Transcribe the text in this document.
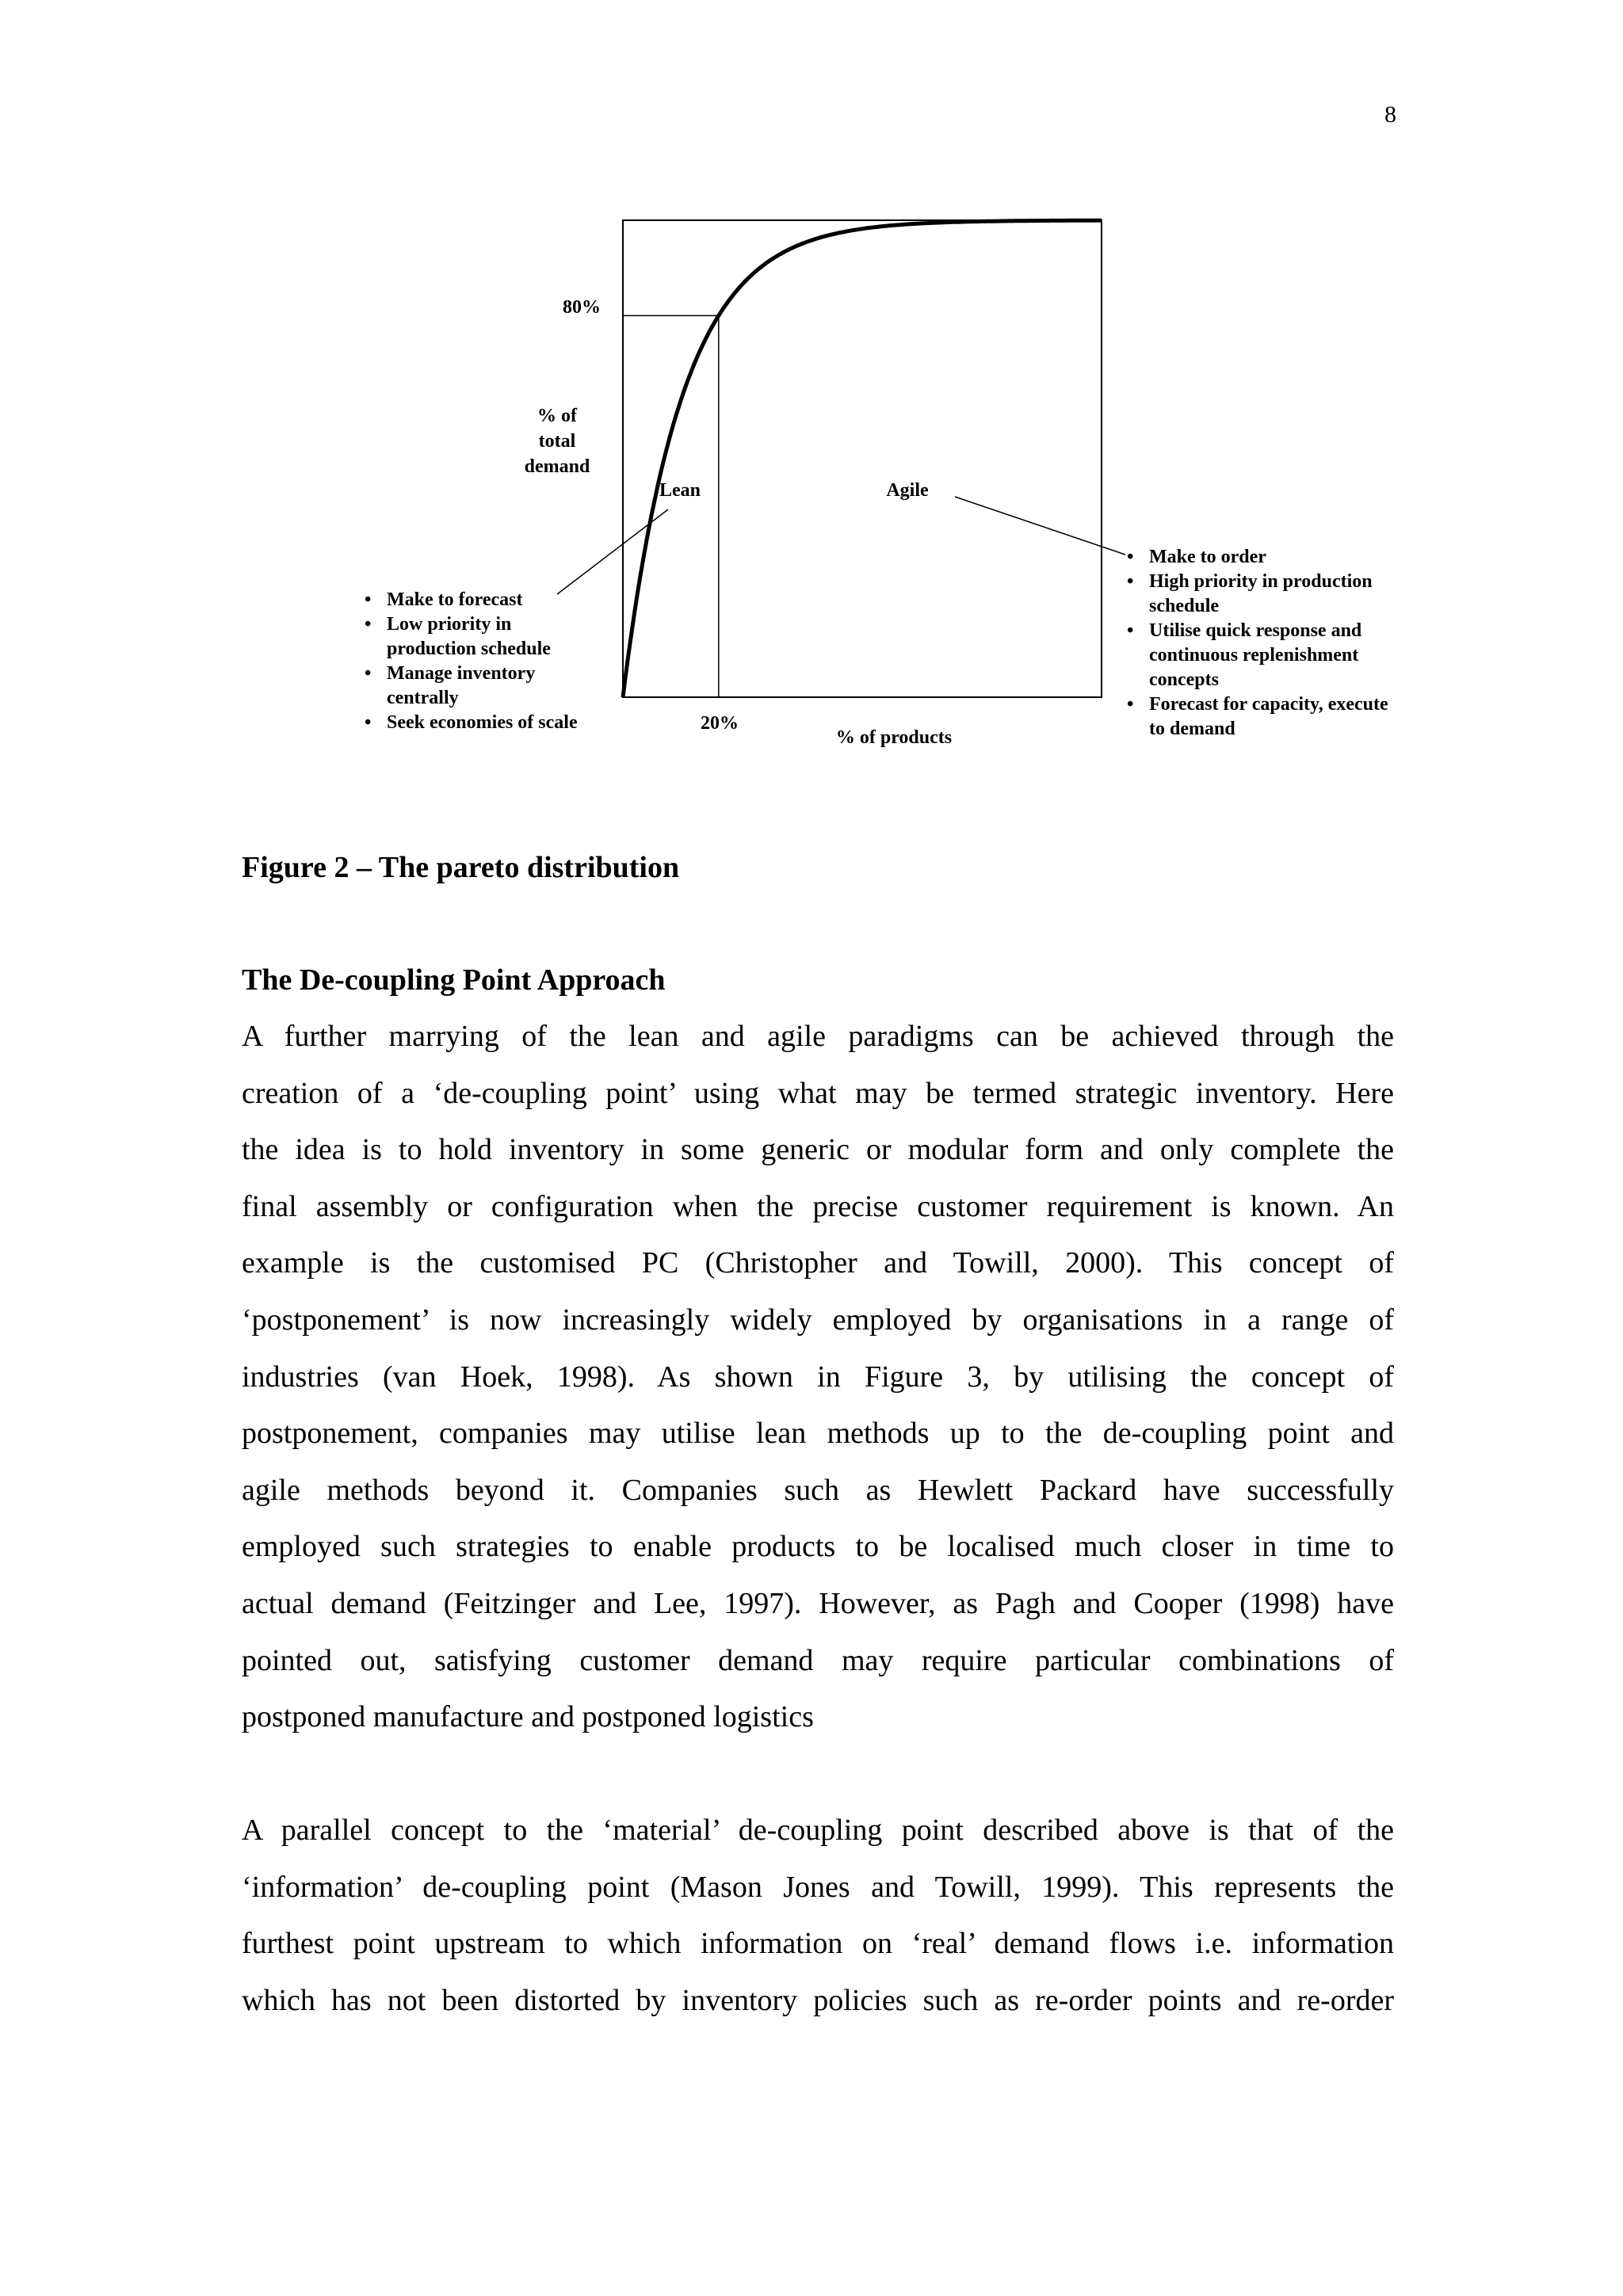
8
80%
% of
total
demand
Lean	Agile
20%
% of products
• Make to forecast
• Low priority in production schedule
• Manage inventory centrally
• Seek economies of scale
• Make to order
• High priority in production schedule
• Utilise quick response and continuous replenishment concepts
• Forecast for capacity, execute to demand

Figure 2 – The pareto distribution

The De-coupling Point Approach
A further marrying of the lean and agile paradigms can be achieved through the
creation of a ‘de-coupling point’ using what may be termed strategic inventory. Here
the idea is to hold inventory in some generic or modular form and only complete the
final assembly or configuration when the precise customer requirement is known. An
example is the customised PC (Christopher and Towill, 2000). This concept of
‘postponement’ is now increasingly widely employed by organisations in a range of
industries (van Hoek, 1998). As shown in Figure 3, by utilising the concept of
postponement, companies may utilise lean methods up to the de-coupling point and
agile methods beyond it. Companies such as Hewlett Packard have successfully
employed such strategies to enable products to be localised much closer in time to
actual demand (Feitzinger and Lee, 1997). However, as Pagh and Cooper (1998) have
pointed out, satisfying customer demand may require particular combinations of
postponed manufacture and postponed logistics
A parallel concept to the ‘material’ de-coupling point described above is that of the
‘information’ de-coupling point (Mason Jones and Towill, 1999). This represents the
furthest point upstream to which information on ‘real’ demand flows i.e. information
which has not been distorted by inventory policies such as re-order points and re-order
